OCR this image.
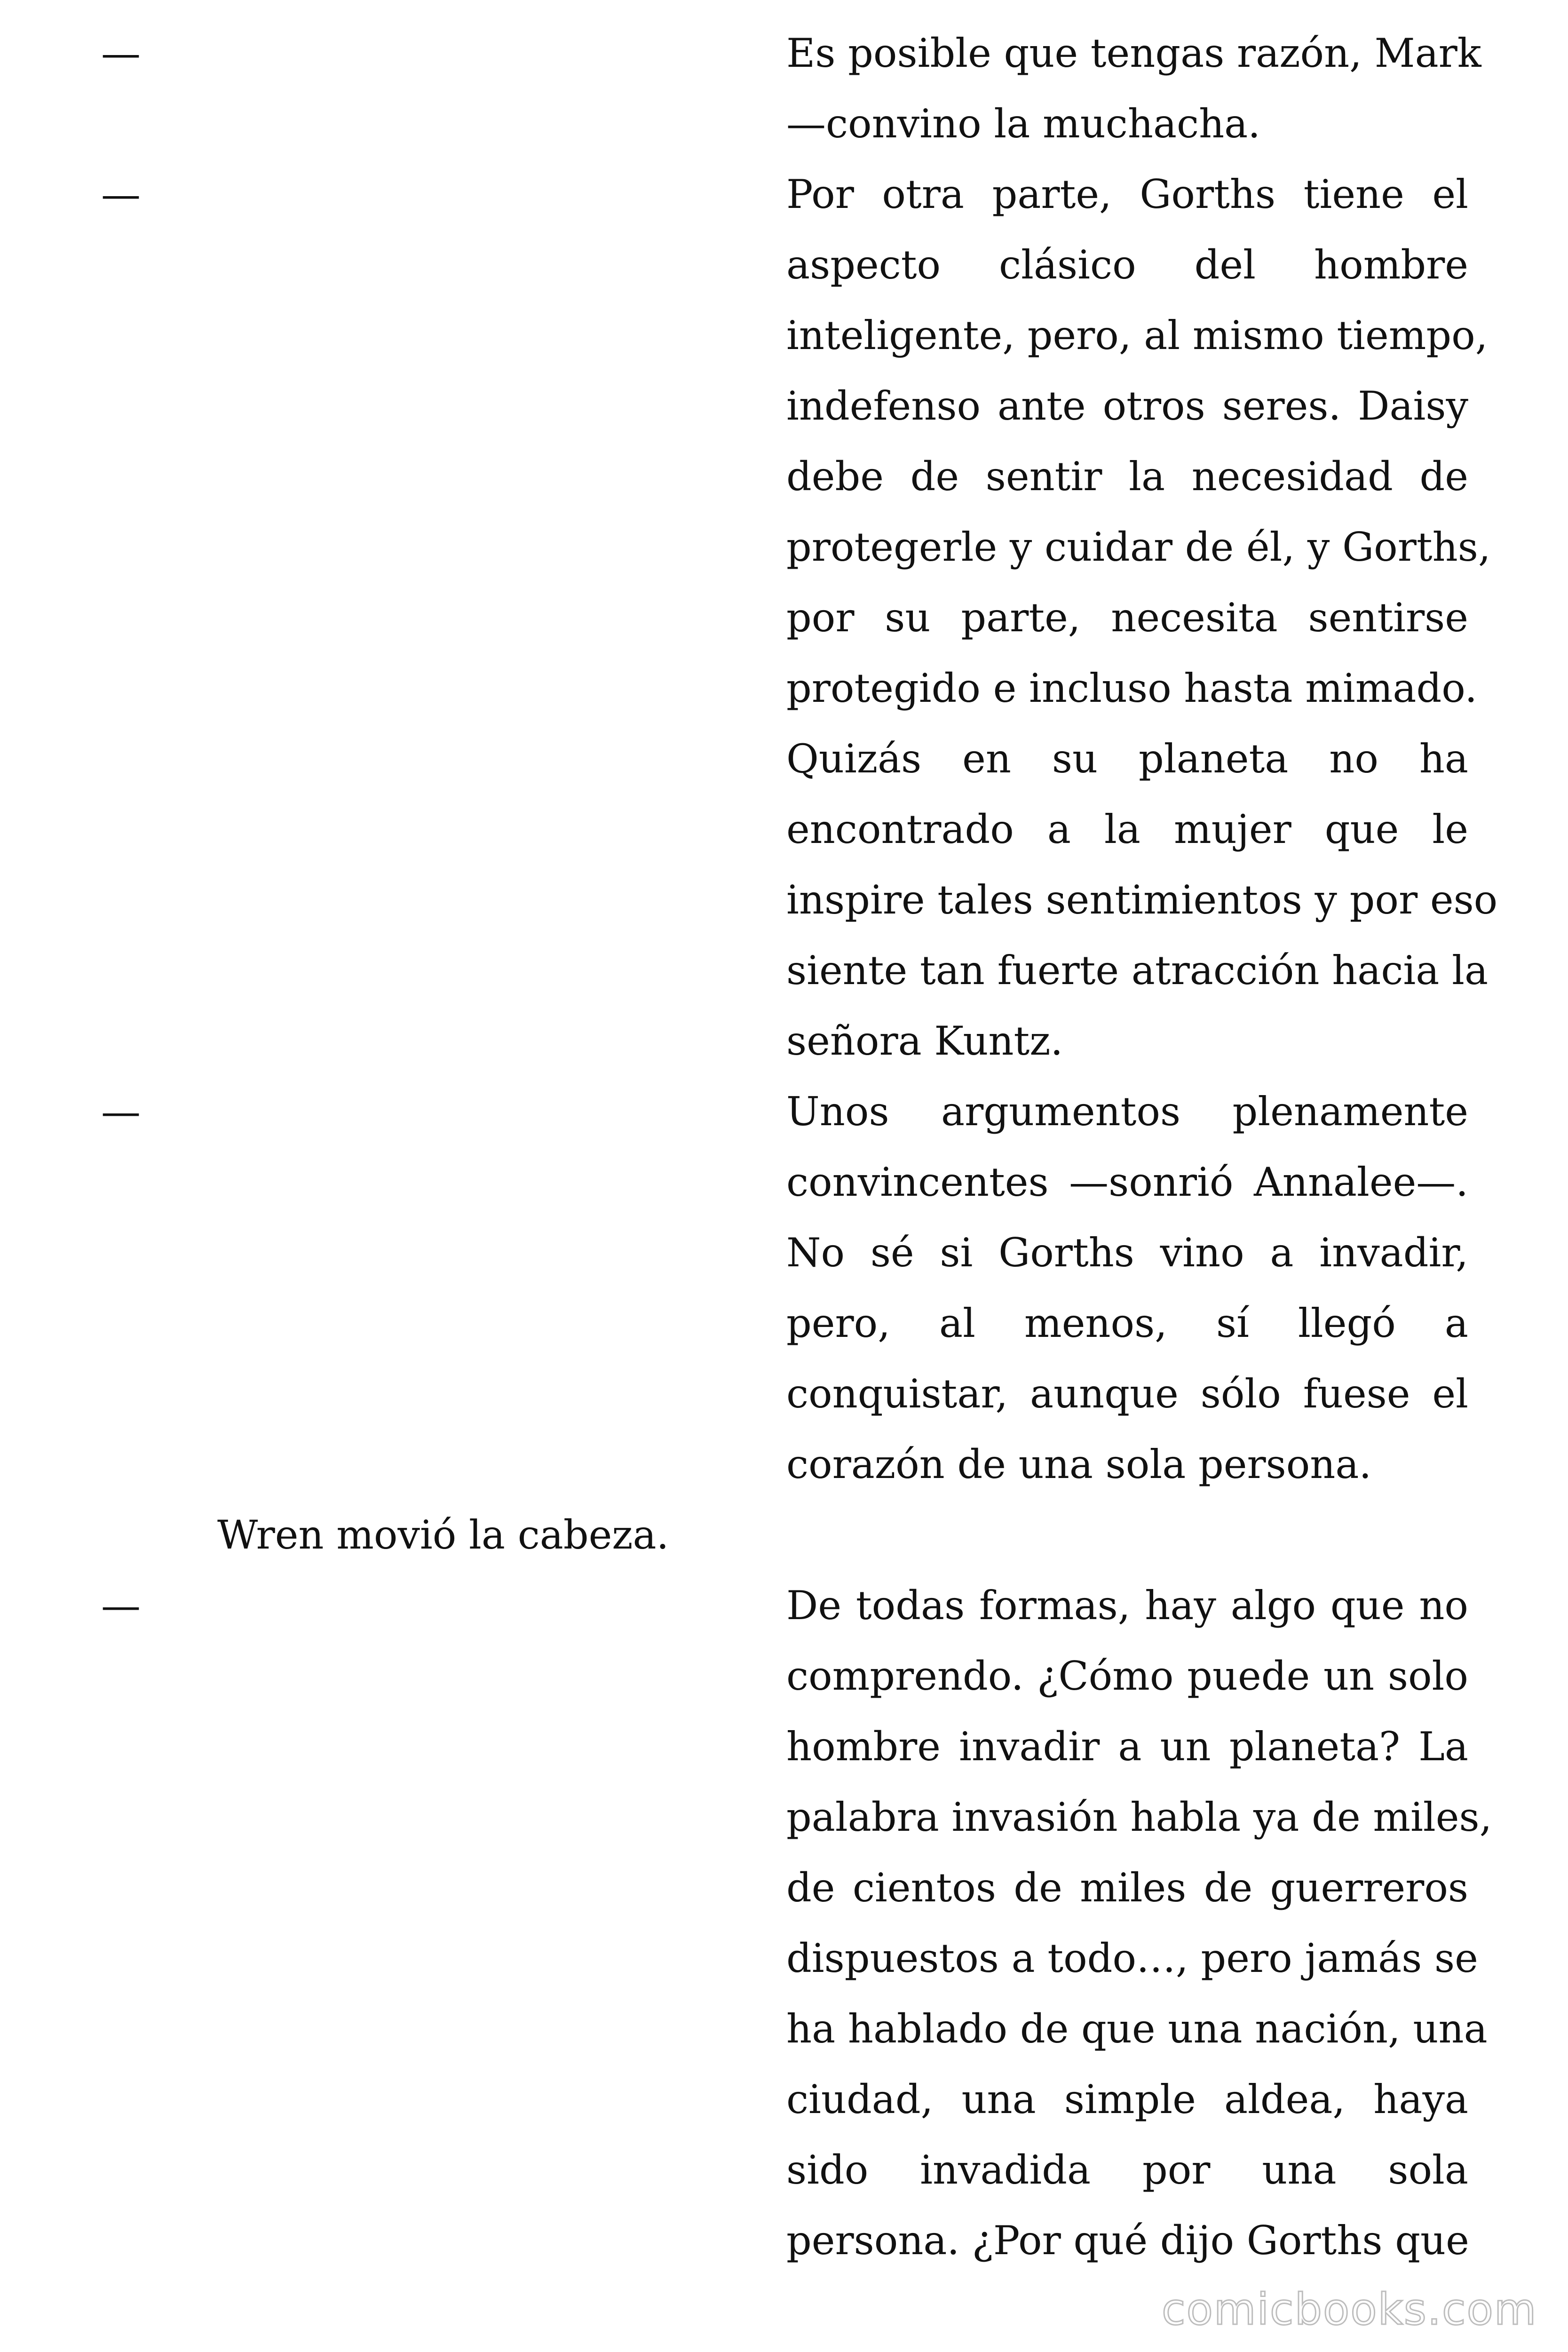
—	Es posible que tengas razón, Mark
—convino la muchacha.
—	Por otra parte, Gorths tiene el
aspecto clásico del hombre
inteligente, pero, al mismo tiempo,
indefenso ante otros seres. Daisy
debe de sentir la necesidad de
protegerle y cuidar de él, y Gorths,
por su parte, necesita sentirse
protegido e incluso hasta mimado.
Quizás en su planeta no ha
encontrado a la mujer que le
inspire tales sentimientos y por eso
siente tan fuerte atracción hacia la
señora Kuntz.
—	Unos argumentos plenamente
convincentes —sonrió Annalee—.
No sé si Gorths vino a invadir,
pero, al menos, sí llegó a
conquistar, aunque sólo fuese el
corazón de una sola persona.
Wren movió la cabeza.
—	De todas formas, hay algo que no
comprendo. ¿Cómo puede un solo
hombre invadir a un planeta? La
palabra invasión habla ya de miles,
de cientos de miles de guerreros
dispuestos a todo…, pero jamás se
ha hablado de que una nación, una
ciudad, una simple aldea, haya
sido invadida por una sola
persona. ¿Por qué dijo Gorths que
comicbooks.com
